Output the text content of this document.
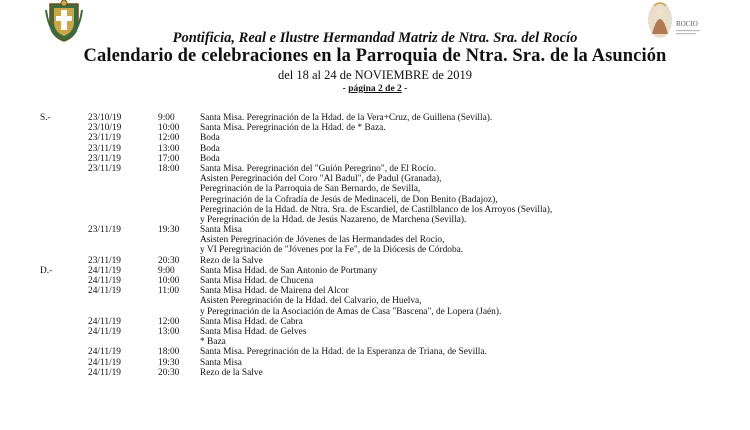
ROCIO
Pontificia, Real e Ilustre Hermandad Matriz de Ntra. Sra. del Rocío
Calendario de celebraciones en la Parroquia de Ntra. Sra. de la Asunción
del 18 al 24 de NOVIEMBRE de 2019
- página 2 de 2 -
S.-	23/10/19	9:00	Santa Misa. Peregrinación de la Hdad. de la Vera+Cruz, de Guillena (Sevilla).
23/10/19	10:00 Santa Misa. Peregrinación de la Hdad. de * Baza.
23/11/19	12:00 Boda
23/11/19	13:00 Boda
23/11/19	17:00 Boda
23/11/19	18:00 Santa Misa. Peregrinación del "Guión Peregrino", de El Rocío.
Asisten Peregrinación del Coro "Al Badul", de Padul (Granada),
Peregrinación de la Parroquia de San Bernardo, de Sevilla,
Peregrinación de la Cofradía de Jesús de Medinaceli, de Don Benito (Badajoz),
Peregrinación de la Hdad. de Ntra. Sra. de Escardiel, de Castilblanco de los Arroyos (Sevilla),
y Peregrinación de la Hdad. de Jesús Nazareno, de Marchena (Sevilla).
23/11/19	19:30 Santa Misa
Asisten Peregrinación de Jóvenes de las Hermandades del Rocío,
y VI Peregrinación de "Jóvenes por la Fe", de la Diócesis de Córdoba.
23/11/19	20:30 Rezo de la Salve
D.-	24/11/19	9:00	Santa Misa Hdad. de San Antonio de Portmany
24/11/19	10:00 Santa Misa Hdad. de Chucena
24/11/19	11:00 Santa Misa Hdad. de Mairena del Alcor
Asisten Peregrinación de la Hdad. del Calvario, de Huelva,
y Peregrinación de la Asociación de Amas de Casa "Bascena", de Lopera (Jaén).
24/11/19	12:00 Santa Misa Hdad. de Cabra
24/11/19	13:00 Santa Misa Hdad. de Gelves
* Baza
24/11/19	18:00 Santa Misa. Peregrinación de la Hdad. de la Esperanza de Triana, de Sevilla.
24/11/19	19:30 Santa Misa
24/11/19	20:30 Rezo de la Salve
